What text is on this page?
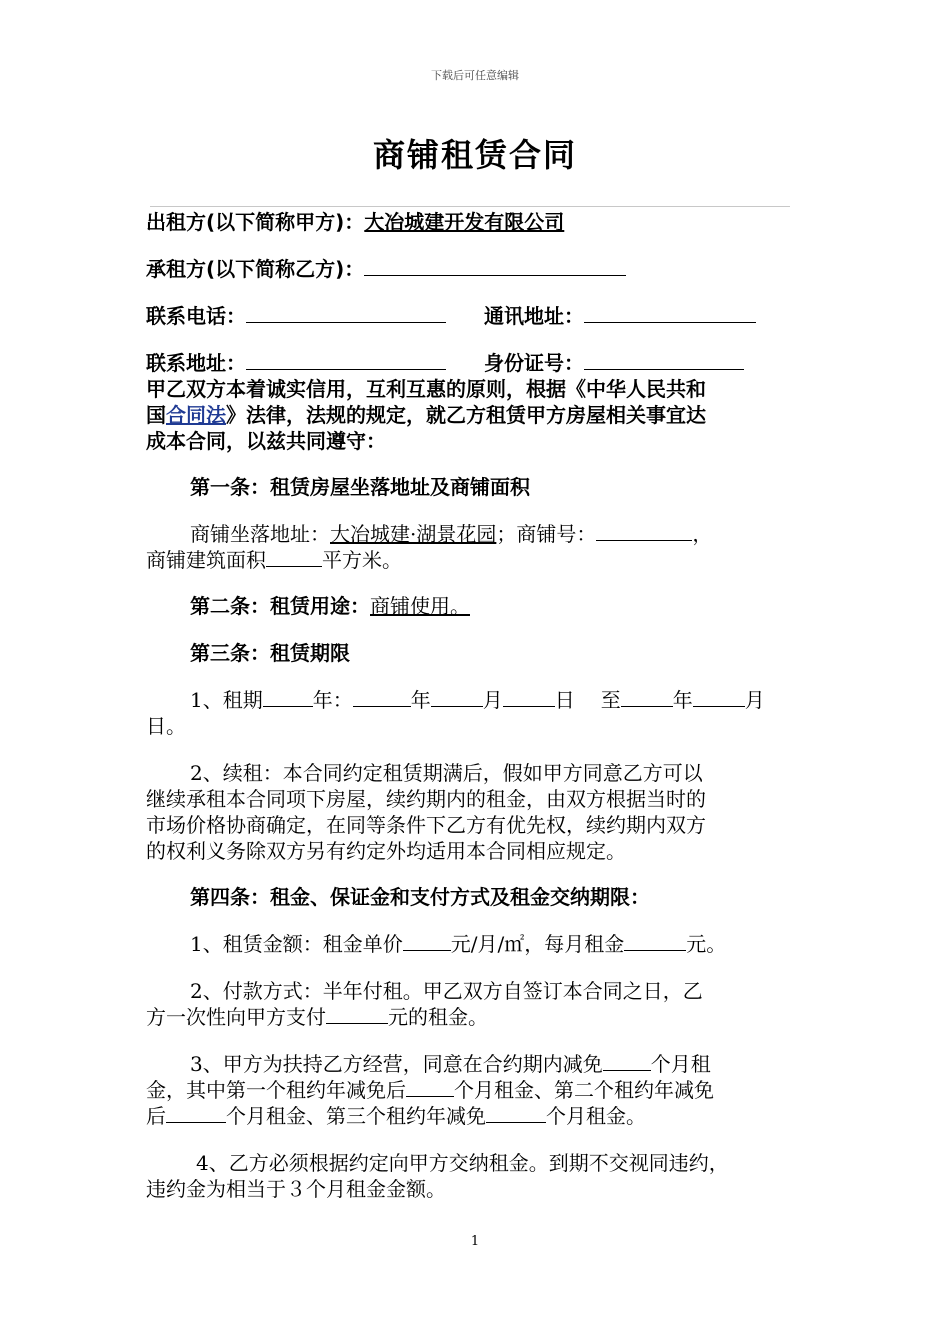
下载后可任意编辑
商铺租赁合同
出租方(以下简称甲方)：大冶城建开发有限公司
承租方(以下简称乙方)：
联系电话：	通讯地址：
联系地址：	身份证号：
甲乙双方本着诚实信用，互利互惠的原则，根据《中华人民共和
国合同法》法律，法规的规定，就乙方租赁甲方房屋相关事宜达
成本合同，以兹共同遵守：
第一条：租赁房屋坐落地址及商铺面积
商铺坐落地址：大冶城建·湖景花园；商铺号：	，
商铺建筑面积	平方米。
第二条：租赁用途：商铺使用。
第三条：租赁期限
1、租期	年：	年	月	日 至	年	月
日。
2、续租：本合同约定租赁期满后，假如甲方同意乙方可以
继续承租本合同项下房屋，续约期内的租金，由双方根据当时的
市场价格协商确定，在同等条件下乙方有优先权，续约期内双方
的权利义务除双方另有约定外均适用本合同相应规定。
第四条：租金、保证金和支付方式及租金交纳期限：
1、租赁金额：租金单价 元/月/㎡，每月租金	元。
2、付款方式：半年付租。甲乙双方自签订本合同之日，乙
方一次性向甲方支付	元的租金。
3、甲方为扶持乙方经营，同意在合约期内减免 个月租
金，其中第一个租约年减免后 个月租金、第二个租约年减免
后	个月租金、第三个租约年减免	个月租金。
4、乙方必须根据约定向甲方交纳租金。到期不交视同违约，
违约金为相当于３个月租金金额。
1
